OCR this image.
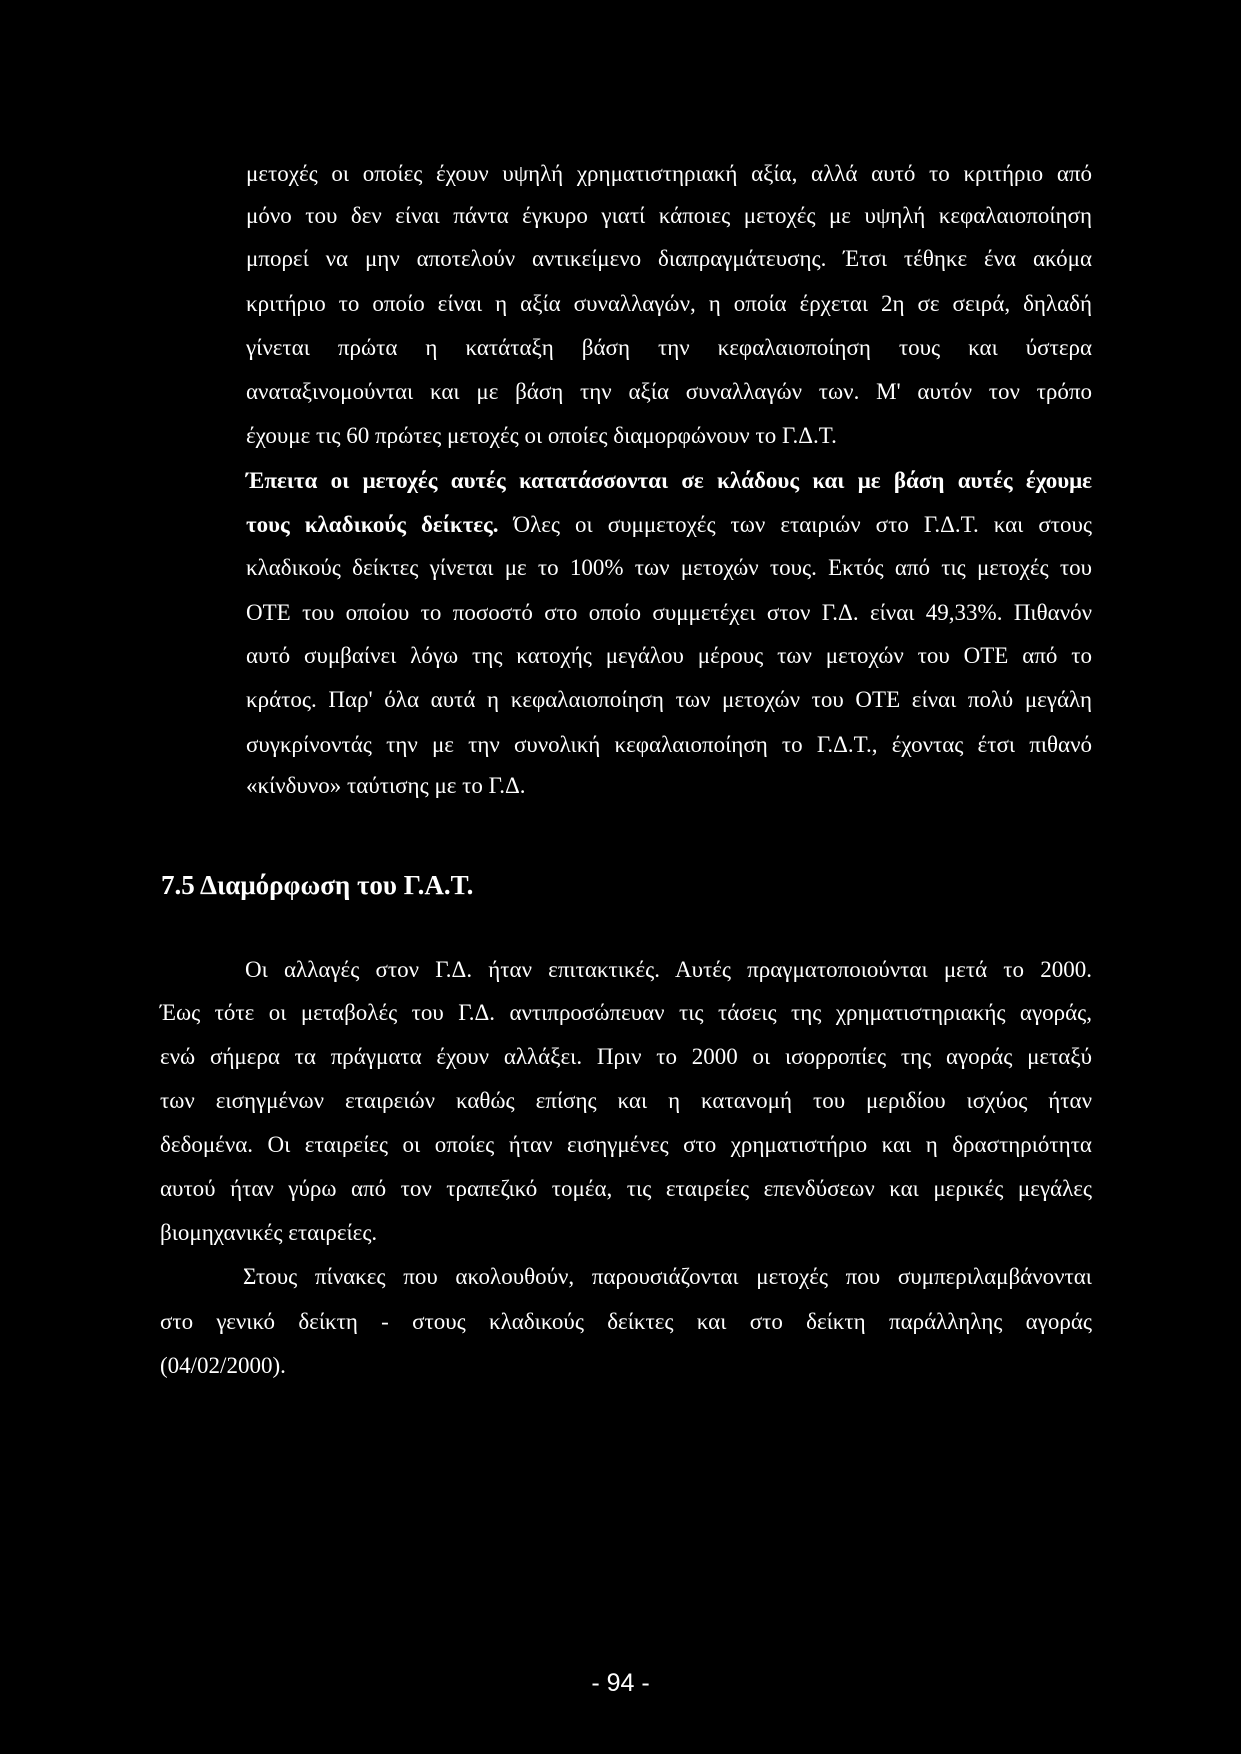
μετοχές οι οποίες έχουν υψηλή χρηματιστηριακή αξία, αλλά αυτό το κριτήριο από

μόνο του δεν είναι πάντα έγκυρο γιατί κάποιες μετοχές με υψηλή κεφαλαιοποίηση

μπορεί να μην αποτελούν αντικείμενο διαπραγμάτευσης. Έτσι τέθηκε ένα ακόμα

κριτήριο το οποίο είναι η αξία συναλλαγών, η οποία έρχεται 2η σε σειρά, δηλαδή

γίνεται πρώτα η κατάταξη βάση την κεφαλαιοποίηση τους και ύστερα

αναταξινομούνται και με βάση την αξία συναλλαγών των. Μ' αυτόν τον τρόπο

έχουμε τις 60 πρώτες μετοχές οι οποίες διαμορφώνουν το Γ.Δ.Τ.

Έπειτα οι μετοχές αυτές κατατάσσονται σε κλάδους και με βάση αυτές έχουμε

τους κλαδικούς δείκτες. Όλες οι συμμετοχές των εταιριών στο Γ.Δ.Τ. και στους

κλαδικούς δείκτες γίνεται με το 100% των μετοχών τους. Εκτός από τις μετοχές του

ΟΤΕ του οποίου το ποσοστό στο οποίο συμμετέχει στον Γ.Δ. είναι 49,33%. Πιθανόν

αυτό συμβαίνει λόγω της κατοχής μεγάλου μέρους των μετοχών του ΟΤΕ από το

κράτος. Παρ' όλα αυτά η κεφαλαιοποίηση των μετοχών του ΟΤΕ είναι πολύ μεγάλη

συγκρίνοντάς την με την συνολική κεφαλαιοποίηση το Γ.Δ.Τ., έχοντας έτσι πιθανό

«κίνδυνο» ταύτισης με το Γ.Δ.

7.5 Διαμόρφωση του Γ.Α.Τ.

Οι αλλαγές στον Γ.Δ. ήταν επιτακτικές. Αυτές πραγματοποιούνται μετά το 2000.

Έως τότε οι μεταβολές του Γ.Δ. αντιπροσώπευαν τις τάσεις της χρηματιστηριακής αγοράς,

ενώ σήμερα τα πράγματα έχουν αλλάξει. Πριν το 2000 οι ισορροπίες της αγοράς μεταξύ

των εισηγμένων εταιρειών καθώς επίσης και η κατανομή του μεριδίου ισχύος ήταν

δεδομένα. Οι εταιρείες οι οποίες ήταν εισηγμένες στο χρηματιστήριο και η δραστηριότητα

αυτού ήταν γύρω από τον τραπεζικό τομέα, τις εταιρείες επενδύσεων και μερικές μεγάλες

βιομηχανικές εταιρείες.

Στους πίνακες που ακολουθούν, παρουσιάζονται μετοχές που συμπεριλαμβάνονται

στο γενικό δείκτη - στους κλαδικούς δείκτες και στο δείκτη παράλληλης αγοράς

(04/02/2000).

- 94 -
